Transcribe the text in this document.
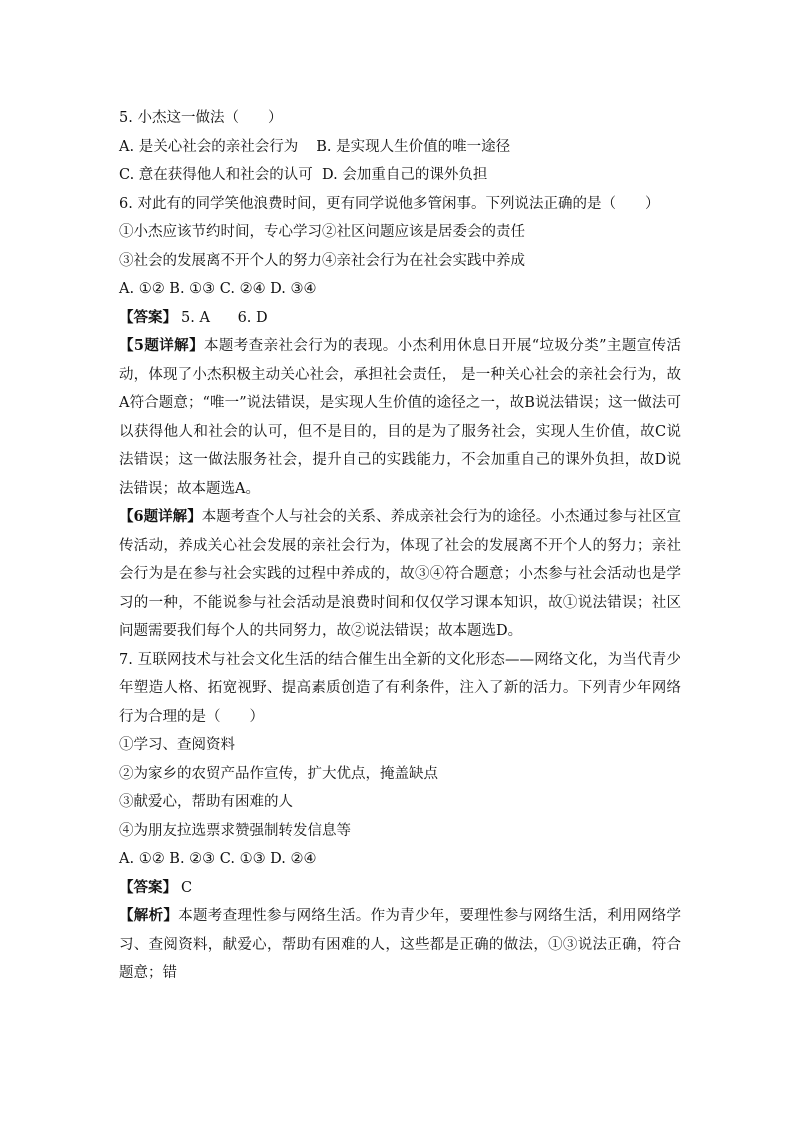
5. 小杰这一做法（　　）
A. 是关心社会的亲社会行为 B. 是实现人生价值的唯一途径
C. 意在获得他人和社会的认可 D. 会加重自己的课外负担
6. 对此有的同学笑他浪费时间，更有同学说他多管闲事。下列说法正确的是（　　）
①小杰应该节约时间，专心学习②社区问题应该是居委会的责任
③社会的发展离不开个人的努力④亲社会行为在社会实践中养成
A. ①② B. ①③ C. ②④ D. ③④
【答案】 5. A      6. D
【5题详解】本题考查亲社会行为的表现。小杰利用休息日开展“垃圾分类”主题宣传活动，体现了小杰积极主动关心社会，承担社会责任， 是一种关心社会的亲社会行为，故A符合题意；“唯一”说法错误，是实现人生价值的途径之一，故B说法错误；这一做法可以获得他人和社会的认可，但不是目的，目的是为了服务社会，实现人生价值，故C说法错误；这一做法服务社会，提升自己的实践能力，不会加重自己的课外负担，故D说法错误；故本题选A。
【6题详解】本题考查个人与社会的关系、养成亲社会行为的途径。小杰通过参与社区宣传活动，养成关心社会发展的亲社会行为，体现了社会的发展离不开个人的努力；亲社会行为是在参与社会实践的过程中养成的，故③④符合题意；小杰参与社会活动也是学习的一种，不能说参与社会活动是浪费时间和仅仅学习课本知识，故①说法错误；社区问题需要我们每个人的共同努力，故②说法错误；故本题选D。
7. 互联网技术与社会文化生活的结合催生出全新的文化形态——网络文化，为当代青少年塑造人格、拓宽视野、提高素质创造了有利条件，注入了新的活力。下列青少年网络行为合理的是（　　）
①学习、查阅资料
②为家乡的农贸产品作宣传，扩大优点，掩盖缺点
③献爱心，帮助有困难的人
④为朋友拉选票求赞强制转发信息等
A. ①② B. ②③ C. ①③ D. ②④
【答案】 C
【解析】本题考查理性参与网络生活。作为青少年，要理性参与网络生活，利用网络学习、查阅资料，献爱心，帮助有困难的人，这些都是正确的做法，①③说法正确，符合题意；错
